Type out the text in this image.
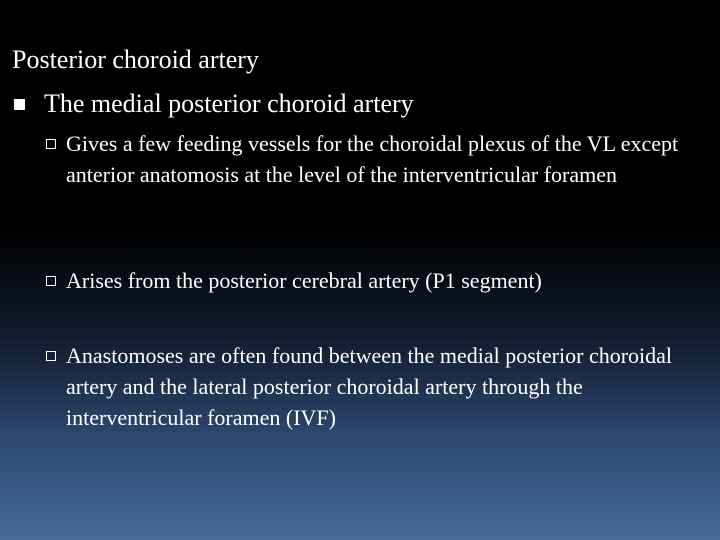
Posterior choroid artery
The medial posterior choroid artery
Gives a few feeding vessels for the choroidal plexus of the VL except anterior anatomosis at the level of the interventricular foramen
Arises from the posterior cerebral artery (P1 segment)
Anastomoses are often found between the medial posterior choroidal artery and the lateral posterior choroidal artery through the interventricular foramen (IVF)
